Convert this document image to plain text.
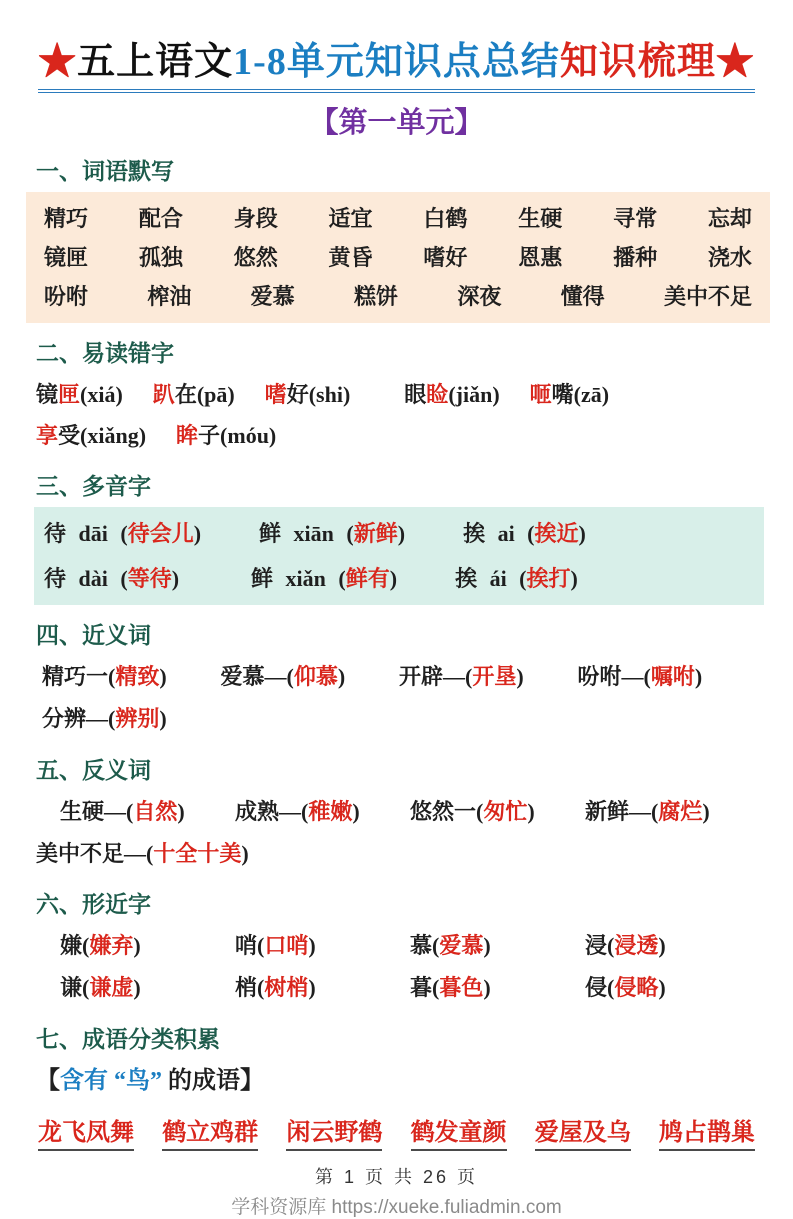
★五上语文1-8单元知识点总结知识梳理★
【第一单元】
一、词语默写
精巧 配合 身段 适宜 白鹤 生硬 寻常 忘却
镜匣 孤独 悠然 黄昏 嗜好 恩惠 播种 浇水
吩咐	榨油	爱慕	糕饼	深夜	懂得	美中不足
二、易读错字
镜匣(xiá) 趴在(pā) 嗜好(shi) 眼睑(jiǎn) 咂嘴(zā)
享受(xiǎng) 眸子(móu)
三、多音字
待 dāi (待会儿)	鲜 xiān (新鲜)	挨 ai (挨近)
待 dài (等待)	鲜 xiǎn (鲜有)	挨 ái (挨打)
四、近义词
精巧一(精致)	爱慕—(仰慕)	开辟—(开垦)	吩咐—(嘱咐)
分辨—(辨别)
五、反义词
生硬—(自然)	成熟—(稚嫩)	悠然一(匆忙)	新鲜—(腐烂)
美中不足—(十全十美)
六、形近字
嫌(嫌弃)	哨(口哨)	慕(爱慕)	浸(浸透)
谦(谦虚)	梢(树梢)	暮(暮色)	侵(侵略)
七、成语分类积累
【含有 “鸟” 的成语】
龙飞凤舞 鹤立鸡群 闲云野鹤 鹤发童颜 爱屋及乌 鸠占鹊巢
第 1 页 共 26 页
学科资源库 https://xueke.fuliadmin.com
